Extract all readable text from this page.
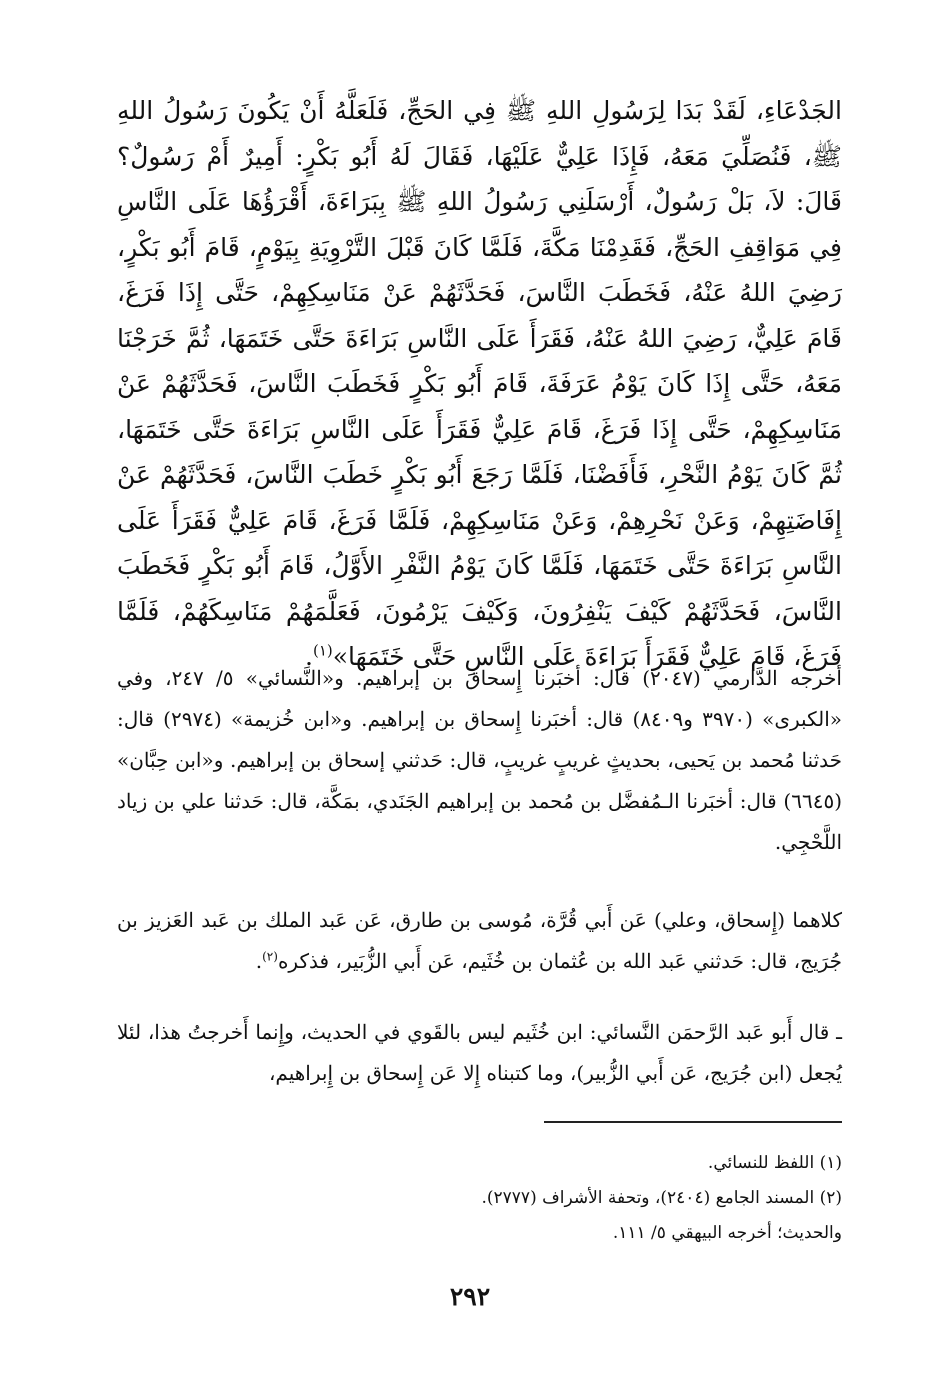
الجَدْعَاءِ، لَقَدْ بَدَا لِرَسُولِ اللهِ ﷺ فِي الحَجِّ، فَلَعَلَّهُ أَنْ يَكُونَ رَسُولُ اللهِ ﷺ، فَنُصَلِّيَ مَعَهُ، فَإِذَا عَلِيٌّ عَلَيْهَا، فَقَالَ لَهُ أَبُو بَكْرٍ: أَمِيرٌ أَمْ رَسُولٌ؟ قَالَ: لاَ، بَلْ رَسُولٌ، أَرْسَلَنِي رَسُولُ اللهِ ﷺ بِبَرَاءَةَ، أَقْرَؤُهَا عَلَى النَّاسِ فِي مَوَاقِفِ الحَجِّ، فَقَدِمْنَا مَكَّةَ، فَلَمَّا كَانَ قَبْلَ التَّرْوِيَةِ بِيَوْمٍ، قَامَ أَبُو بَكْرٍ، رَضِيَ اللهُ عَنْهُ، فَخَطَبَ النَّاسَ، فَحَدَّثَهُمْ عَنْ مَنَاسِكِهِمْ، حَتَّى إِذَا فَرَغَ، قَامَ عَلِيٌّ، رَضِيَ اللهُ عَنْهُ، فَقَرَأَ عَلَى النَّاسِ بَرَاءَةَ حَتَّى خَتَمَهَا، ثُمَّ خَرَجْنَا مَعَهُ، حَتَّى إِذَا كَانَ يَوْمُ عَرَفَةَ، قَامَ أَبُو بَكْرٍ فَخَطَبَ النَّاسَ، فَحَدَّثَهُمْ عَنْ مَنَاسِكِهِمْ، حَتَّى إِذَا فَرَغَ، قَامَ عَلِيٌّ فَقَرَأَ عَلَى النَّاسِ بَرَاءَةَ حَتَّى خَتَمَهَا، ثُمَّ كَانَ يَوْمُ النَّحْرِ، فَأَفَضْنَا، فَلَمَّا رَجَعَ أَبُو بَكْرٍ خَطَبَ النَّاسَ، فَحَدَّثَهُمْ عَنْ إِفَاضَتِهِمْ، وَعَنْ نَحْرِهِمْ، وَعَنْ مَنَاسِكِهِمْ، فَلَمَّا فَرَغَ، قَامَ عَلِيٌّ فَقَرَأَ عَلَى النَّاسِ بَرَاءَةَ حَتَّى خَتَمَهَا، فَلَمَّا كَانَ يَوْمُ النَّفْرِ الأَوَّلُ، قَامَ أَبُو بَكْرٍ فَخَطَبَ النَّاسَ، فَحَدَّثَهُمْ كَيْفَ يَنْفِرُونَ، وَكَيْفَ يَرْمُونَ، فَعَلَّمَهُمْ مَنَاسِكَهُمْ، فَلَمَّا فَرَغَ، قَامَ عَلِيٌّ فَقَرَأَ بَرَاءَةَ عَلَى النَّاسِ حَتَّى خَتَمَهَا»$^{(١)}$.

أخرجه الدَّارمي (٢٠٤٧) قال: أخبَرنا إِسحاق بن إبراهيم. و«النَّسائي» ٥/ ٢٤٧، وفي «الكبرى» (٣٩٧٠ و٨٤٠٩) قال: أخبَرنا إِسحاق بن إبراهيم. و«ابن خُزيمة» (٢٩٧٤) قال: حَدثنا مُحمد بن يَحيى، بحديثٍ غريبٍ غريبٍ، قال: حَدثني إسحاق بن إبراهيم. و«ابن حِبَّان» (٦٦٤٥) قال: أخبَرنا الـمُفضَّل بن مُحمد بن إبراهيم الجَنَدي، بمَكَّة، قال: حَدثنا علي بن زياد اللَّحْجِي.

كلاهما (إِسحاق، وعلي) عَن أَبي قُرَّة، مُوسى بن طارق، عَن عَبد الملك بن عَبد العَزيز بن جُرَيج، قال: حَدثني عَبد الله بن عُثمان بن خُثَيم، عَن أَبي الزُّبَير، فذكره$^{(٢)}$.

ـ قال أَبو عَبد الرَّحمَن النَّسائي: ابن خُثَيم ليس بالقَوي في الحديث، وإِنما أَخرجتُ هذا، لئلا يُجعل (ابن جُرَيج، عَن أَبي الزُّبير)، وما كتبناه إِلا عَن إِسحاق بن إِبراهيم،

(١) اللفظ للنسائي.

(٢) المسند الجامع (٢٤٠٤)، وتحفة الأشراف (٢٧٧٧).

والحديث؛ أخرجه البيهقي ٥/ ١١١.

٢٩٢
